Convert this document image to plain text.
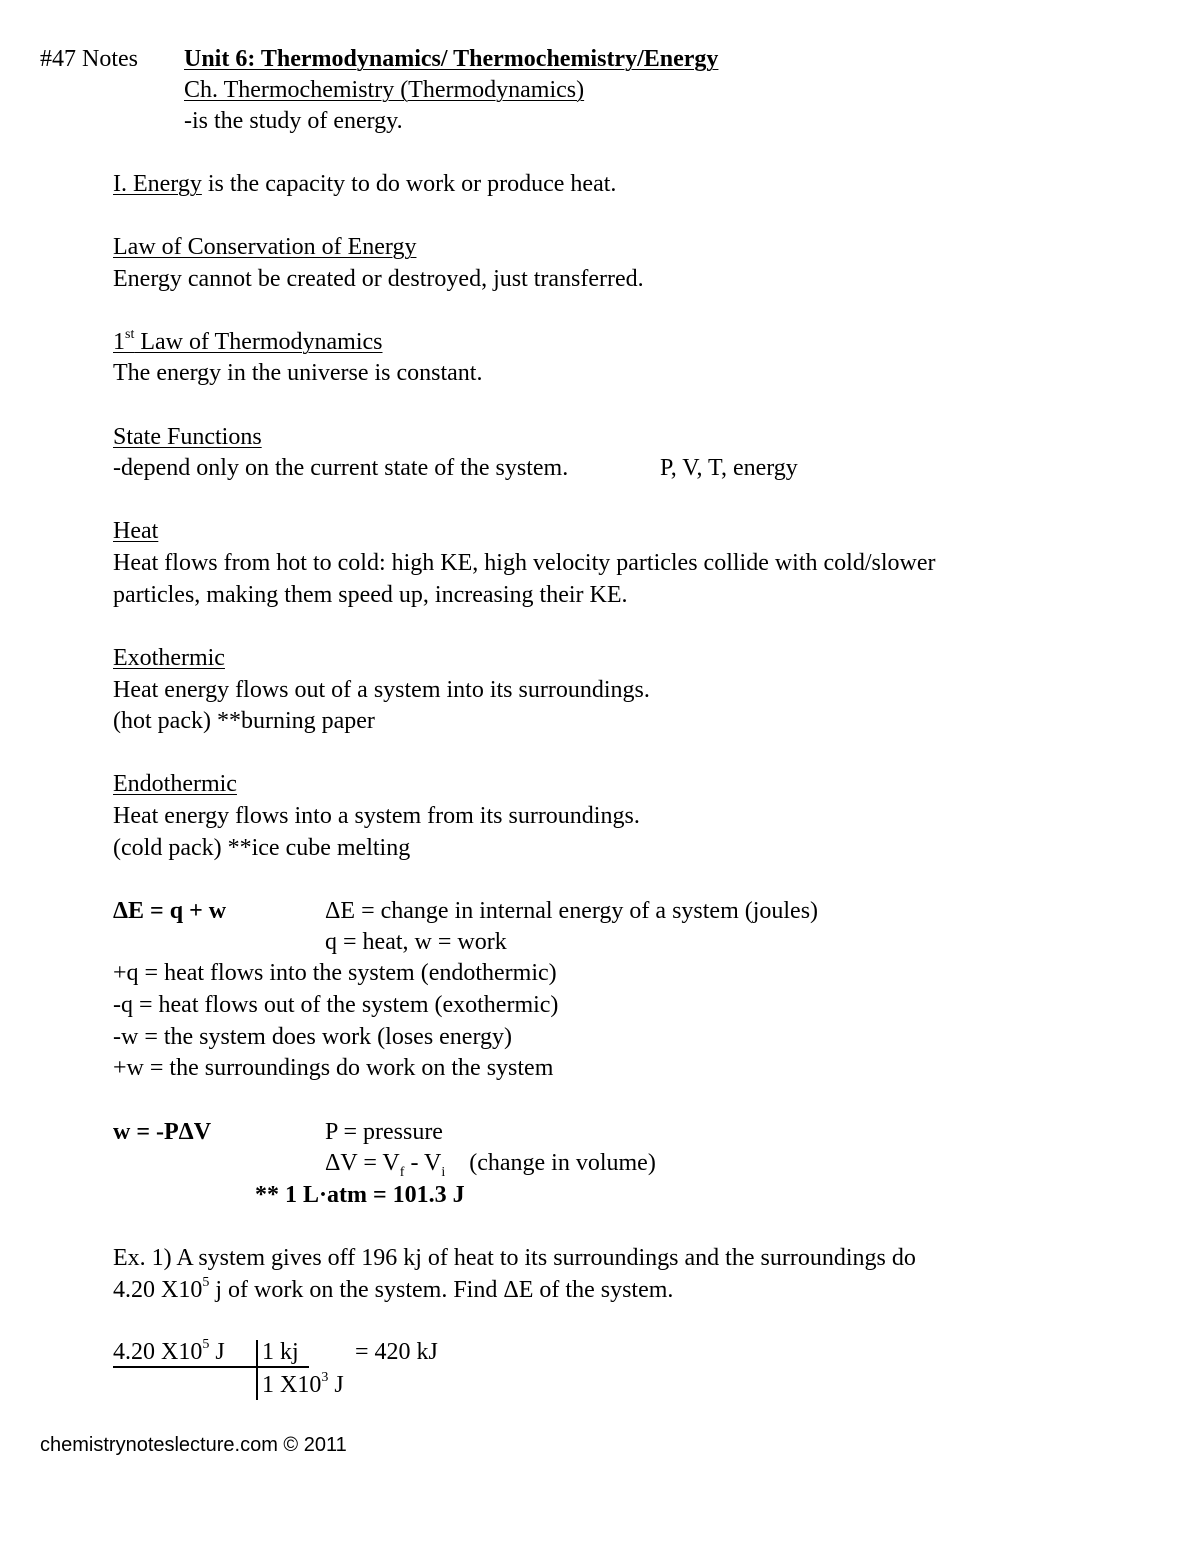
#47 Notes Unit 6: Thermodynamics/ Thermochemistry/Energy
Ch. Thermochemistry (Thermodynamics)
-is the study of energy.
I. Energy is the capacity to do work or produce heat.
Law of Conservation of Energy
Energy cannot be created or destroyed, just transferred.
1st Law of Thermodynamics
The energy in the universe is constant.
State Functions
-depend only on the current state of the system.	P, V, T, energy
Heat
Heat flows from hot to cold: high KE, high velocity particles collide with cold/slower
particles, making them speed up, increasing their KE.
Exothermic
Heat energy flows out of a system into its surroundings.
(hot pack) **burning paper
Endothermic
Heat energy flows into a system from its surroundings.
(cold pack) **ice cube melting
ΔE = q + w	ΔE = change in internal energy of a system (joules)
q = heat, w = work
+q = heat flows into the system (endothermic)
-q = heat flows out of the system (exothermic)
-w = the system does work (loses energy)
+w = the surroundings do work on the system
w = -PΔV	P = pressure
$\Delta V = V_f - V_i$    (change in volume)
** 1 L·atm = 101.3 J
Ex. 1) A system gives off 196 kj of heat to its surroundings and the surroundings do
4.20 $X10^5$ j of work on the system. Find ΔE of the system.
4.20 $X10^5$ J 1 kj = 420 kJ
1 $X10^3$ J
chemistrynoteslecture.com © 2011
